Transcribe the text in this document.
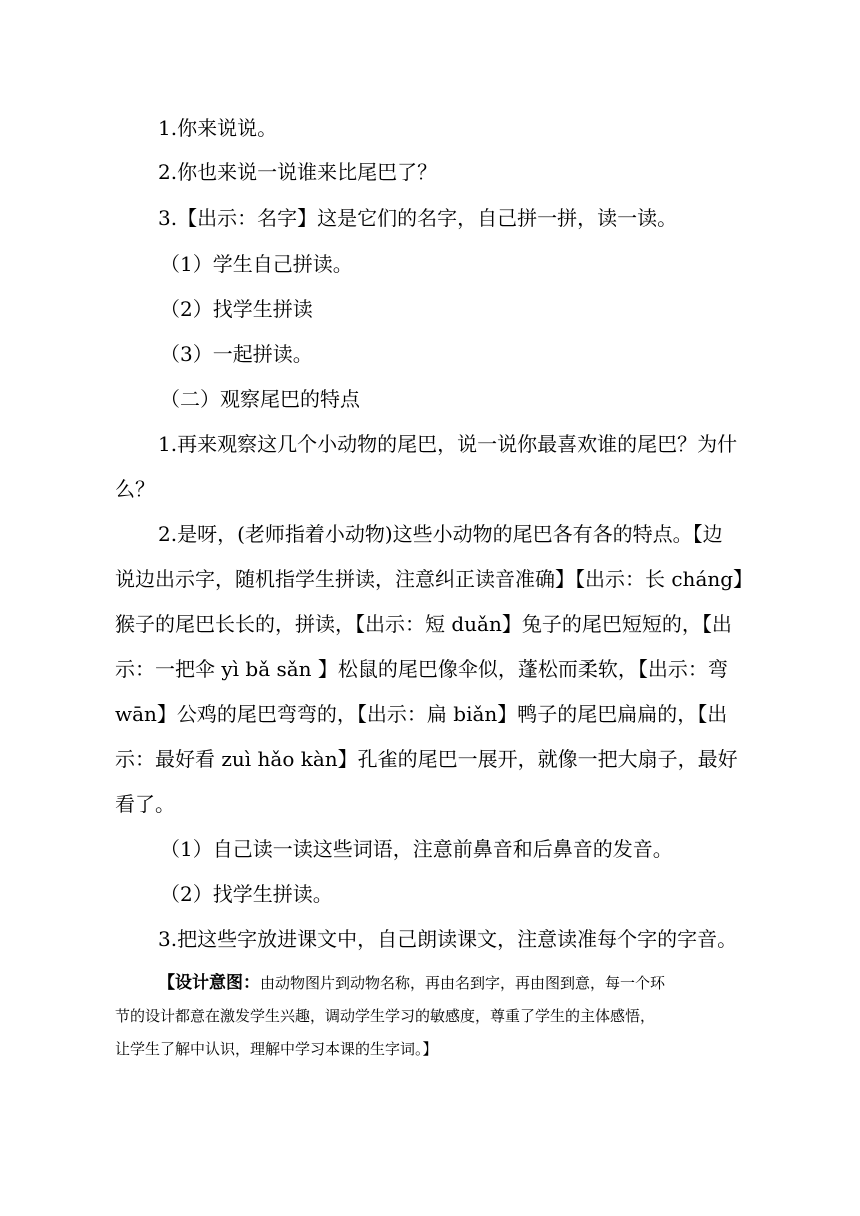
1.你来说说。
2.你也来说一说谁来比尾巴了？
3.【出示：名字】这是它们的名字，自己拼一拼，读一读。
（1）学生自己拼读。
（2）找学生拼读
（3）一起拼读。
（二）观察尾巴的特点
1.再来观察这几个小动物的尾巴，说一说你最喜欢谁的尾巴？为什
么？
2.是呀，(老师指着小动物)这些小动物的尾巴各有各的特点。【边
说边出示字，随机指学生拼读，注意纠正读音准确】【出示：长 cháng】
猴子的尾巴长长的，拼读，【出示：短 duǎn】兔子的尾巴短短的，【出
示：一把伞 yì bǎ sǎn 】松鼠的尾巴像伞似，蓬松而柔软，【出示：弯
wān】公鸡的尾巴弯弯的，【出示：扁 biǎn】鸭子的尾巴扁扁的，【出
示：最好看 zuì hǎo kàn】孔雀的尾巴一展开，就像一把大扇子，最好
看了。
（1）自己读一读这些词语，注意前鼻音和后鼻音的发音。
（2）找学生拼读。
3.把这些字放进课文中，自己朗读课文，注意读准每个字的字音。
【设计意图：由动物图片到动物名称，再由名到字，再由图到意，每一个环
节的设计都意在激发学生兴趣，调动学生学习的敏感度，尊重了学生的主体感悟，
让学生了解中认识，理解中学习本课的生字词。】
